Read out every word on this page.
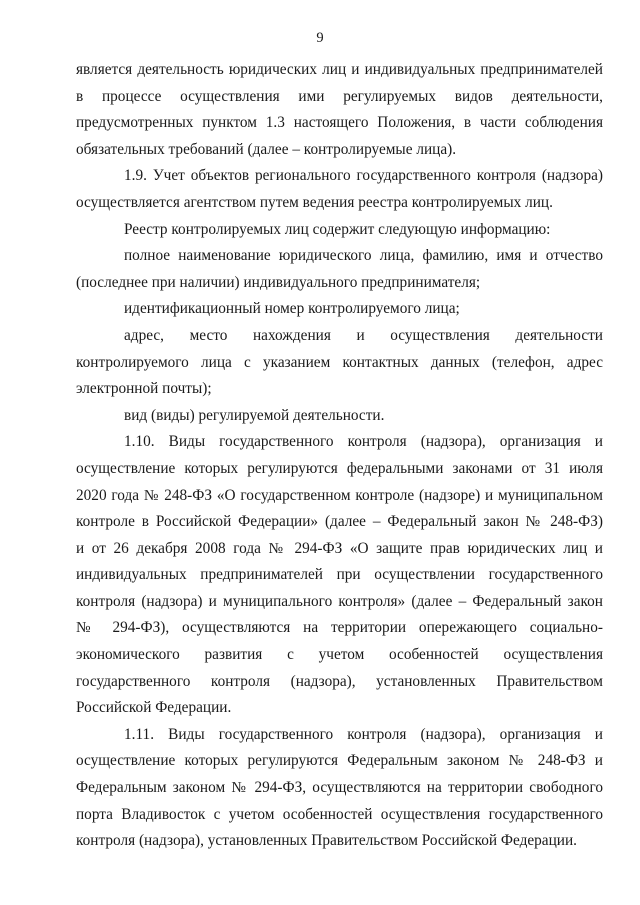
9
является деятельность юридических лиц и индивидуальных предпринимателей
в процессе осуществления ими регулируемых видов деятельности,
предусмотренных пунктом 1.3 настоящего Положения, в части соблюдения
обязательных требований (далее – контролируемые лица).
1.9. Учет объектов регионального государственного контроля (надзора)
осуществляется агентством путем ведения реестра контролируемых лиц.
Реестр контролируемых лиц содержит следующую информацию:
полное наименование юридического лица, фамилию, имя и отчество
(последнее при наличии) индивидуального предпринимателя;
идентификационный номер контролируемого лица;
адрес, место нахождения и осуществления деятельности
контролируемого лица с указанием контактных данных (телефон, адрес
электронной почты);
вид (виды) регулируемой деятельности.
1.10. Виды государственного контроля (надзора), организация и
осуществление которых регулируются федеральными законами от 31 июля
2020 года № 248-ФЗ «О государственном контроле (надзоре) и муниципальном
контроле в Российской Федерации» (далее – Федеральный закон № 248-ФЗ)
и от 26 декабря 2008 года № 294-ФЗ «О защите прав юридических лиц и
индивидуальных предпринимателей при осуществлении государственного
контроля (надзора) и муниципального контроля» (далее – Федеральный закон
№ 294-ФЗ), осуществляются на территории опережающего социально-
экономического развития с учетом особенностей осуществления
государственного контроля (надзора), установленных Правительством
Российской Федерации.
1.11. Виды государственного контроля (надзора), организация и
осуществление которых регулируются Федеральным законом № 248-ФЗ и
Федеральным законом № 294-ФЗ, осуществляются на территории свободного
порта Владивосток с учетом особенностей осуществления государственного
контроля (надзора), установленных Правительством Российской Федерации.
